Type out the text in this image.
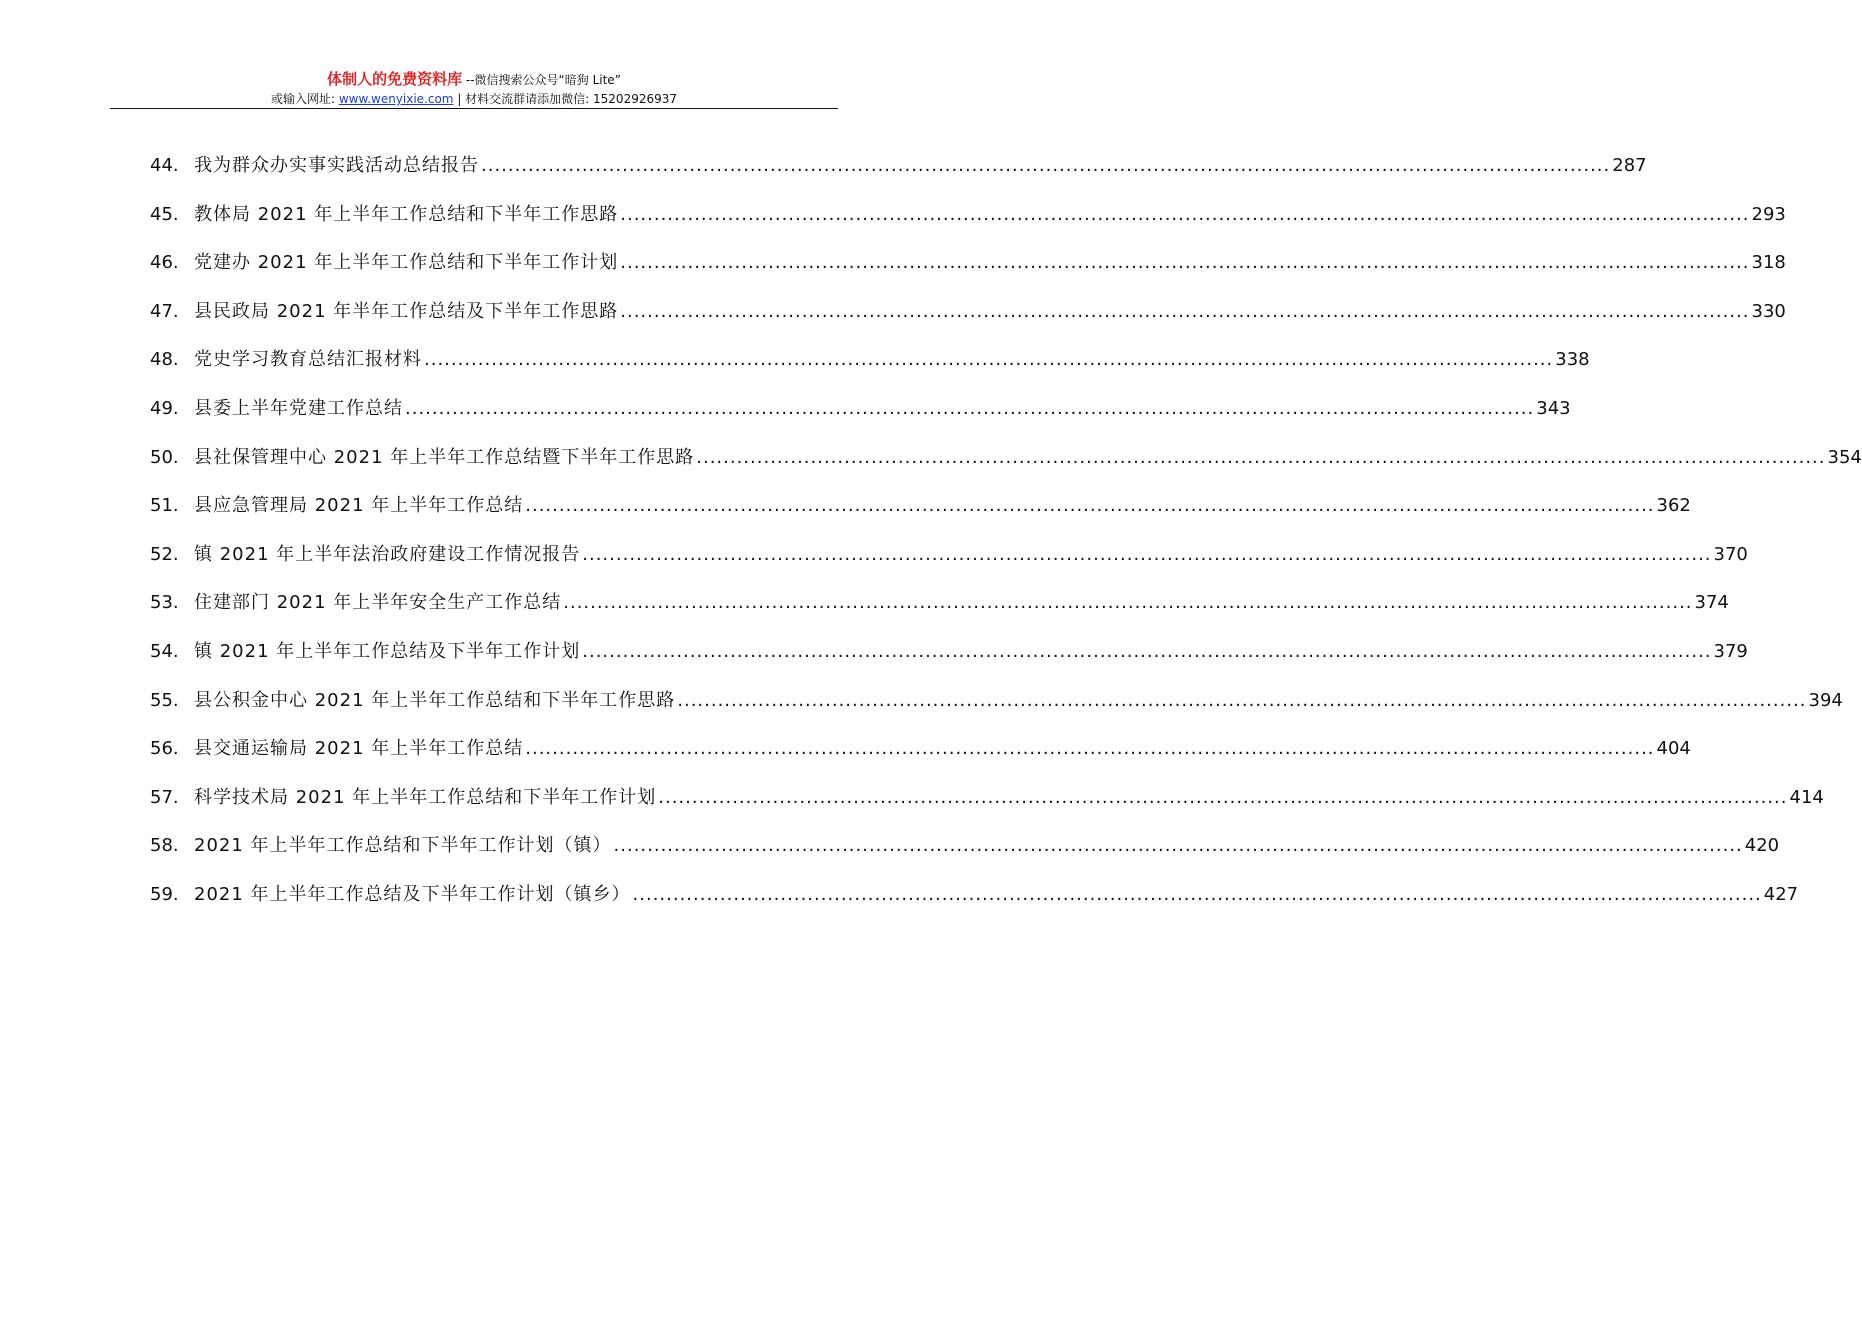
体制人的免费资料库 --微信搜索公众号“暗狗 Lite”
或输入网址: www.wenyixie.com | 材料交流群请添加微信: 15202926937
44. 我为群众办实事实践活动总结报告 .....	287
45. 教体局 2021 年上半年工作总结和下半年工作思路 .....	293
46. 党建办 2021 年上半年工作总结和下半年工作计划 .....	318
47. 县民政局 2021 年半年工作总结及下半年工作思路 .....	330
48. 党史学习教育总结汇报材料 .....	338
49. 县委上半年党建工作总结 .....	343
50. 县社保管理中心 2021 年上半年工作总结暨下半年工作思路 .....	354
51. 县应急管理局 2021 年上半年工作总结 .....	362
52. 镇 2021 年上半年法治政府建设工作情况报告 .....	370
53. 住建部门 2021 年上半年安全生产工作总结 .....	374
54. 镇 2021 年上半年工作总结及下半年工作计划 .....	379
55. 县公积金中心 2021 年上半年工作总结和下半年工作思路 .....	394
56. 县交通运输局 2021 年上半年工作总结 .....	404
57. 科学技术局 2021 年上半年工作总结和下半年工作计划 .....	414
58. 2021 年上半年工作总结和下半年工作计划（镇） .....	420
59. 2021 年上半年工作总结及下半年工作计划（镇乡） .....	427
